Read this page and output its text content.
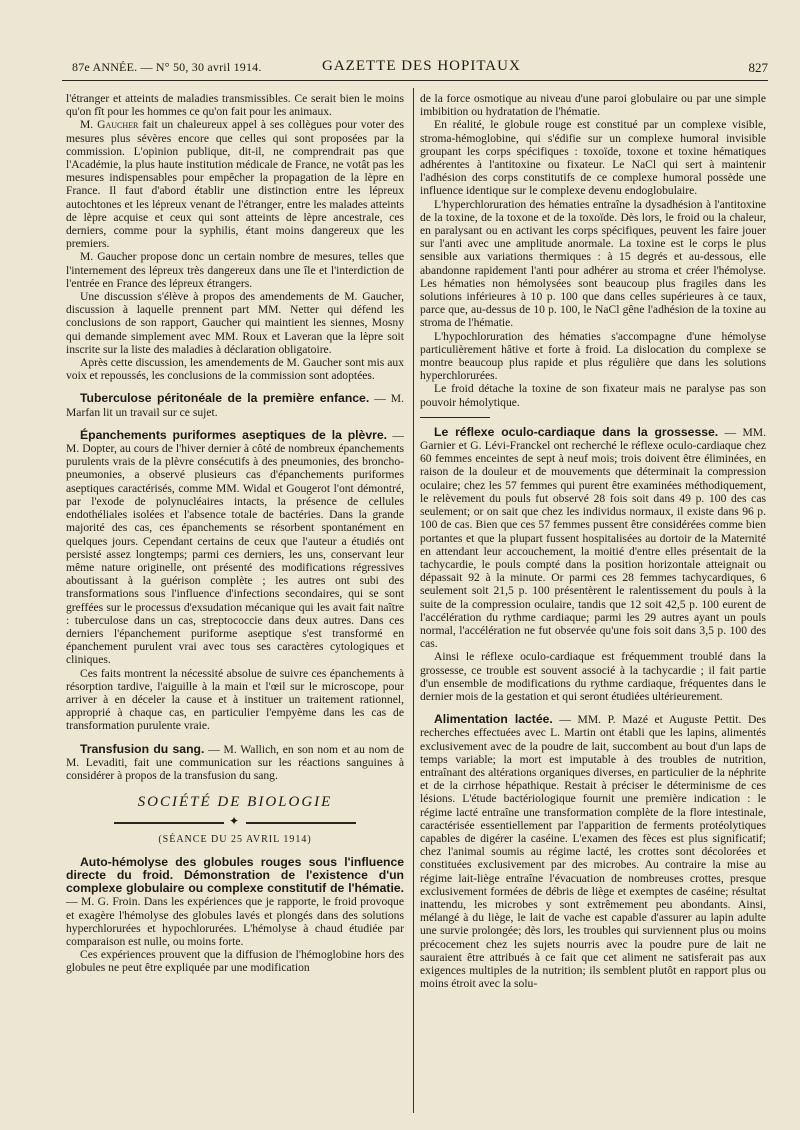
87e ANNÉE. — N° 50, 30 avril 1914.	GAZETTE DES HOPITAUX	827

l'étranger et atteints de maladies transmissibles. Ce serait bien le moins qu'on fît pour les hommes ce qu'on fait pour les animaux.

M. Gaucher fait un chaleureux appel à ses collègues pour voter des mesures plus sévères encore que celles qui sont proposées par la commission. L'opinion publique, dit-il, ne comprendrait pas que l'Académie, la plus haute institution médicale de France, ne votât pas les mesures indispensables pour empêcher la propagation de la lèpre en France. Il faut d'abord établir une distinction entre les lépreux autochtones et les lépreux venant de l'étranger, entre les malades atteints de lèpre acquise et ceux qui sont atteints de lèpre ancestrale, ces derniers, comme pour la syphilis, étant moins dangereux que les premiers.

M. Gaucher propose donc un certain nombre de mesures, telles que l'internement des lépreux très dangereux dans une île et l'interdiction de l'entrée en France des lépreux étrangers.

Une discussion s'élève à propos des amendements de M. Gaucher, discussion à laquelle prennent part MM. Netter qui défend les conclusions de son rapport, Gaucher qui maintient les siennes, Mosny qui demande simplement avec MM. Roux et Laveran que la lèpre soit inscrite sur la liste des maladies à déclaration obligatoire.

Après cette discussion, les amendements de M. Gaucher sont mis aux voix et repoussés, les conclusions de la commission sont adoptées.

Tuberculose péritonéale de la première enfance. — M. Marfan lit un travail sur ce sujet.

Épanchements puriformes aseptiques de la plèvre. — M. Dopter, au cours de l'hiver dernier à côté de nombreux épanchements purulents vrais de la plèvre consécutifs à des pneumonies, des broncho-pneumonies, a observé plusieurs cas d'épanchements puriformes aseptiques caractérisés, comme MM. Widal et Gougerot l'ont démontré, par l'exode de polynucléaires intacts, la présence de cellules endothéliales isolées et l'absence totale de bactéries. Dans la grande majorité des cas, ces épanchements se résorbent spontanément en quelques jours. Cependant certains de ceux que l'auteur a étudiés ont persisté assez longtemps; parmi ces derniers, les uns, conservant leur même nature originelle, ont présenté des modifications régressives aboutissant à la guérison complète ; les autres ont subi des transformations sous l'influence d'infections secondaires, qui se sont greffées sur le processus d'exsudation mécanique qui les avait fait naître : tuberculose dans un cas, streptococcie dans deux autres. Dans ces derniers l'épanchement puriforme aseptique s'est transformé en épanchement purulent vrai avec tous ses caractères cytologiques et cliniques.

Ces faits montrent la nécessité absolue de suivre ces épanchements à résorption tardive, l'aiguille à la main et l'œil sur le microscope, pour arriver à en déceler la cause et à instituer un traitement rationnel, approprié à chaque cas, en particulier l'empyème dans les cas de transformation purulente vraie.

Transfusion du sang. — M. Wallich, en son nom et au nom de M. Levaditi, fait une communication sur les réactions sanguines à considérer à propos de la transfusion du sang.

SOCIÉTÉ DE BIOLOGIE
✦
(SÉANCE DU 25 AVRIL 1914)

Auto-hémolyse des globules rouges sous l'influence directe du froid. Démonstration de l'existence d'un complexe globulaire ou complexe constitutif de l'hématie. — M. G. Froin. Dans les expériences que je rapporte, le froid provoque et exagère l'hémolyse des globules lavés et plongés dans des solutions hyperchlorurées et hypochlorurées. L'hémolyse à chaud étudiée par comparaison est nulle, ou moins forte.

Ces expériences prouvent que la diffusion de l'hémoglobine hors des globules ne peut être expliquée par une modification

de la force osmotique au niveau d'une paroi globulaire ou par une simple imbibition ou hydratation de l'hématie.

En réalité, le globule rouge est constitué par un complexe visible, stroma-hémoglobine, qui s'édifie sur un complexe humoral invisible groupant les corps spécifiques : toxoïde, toxone et toxine hématiques adhérentes à l'antitoxine ou fixateur. Le NaCl qui sert à maintenir l'adhésion des corps constitutifs de ce complexe humoral possède une influence identique sur le complexe devenu endoglobulaire.

L'hyperchloruration des hématies entraîne la dysadhésion à l'antitoxine de la toxine, de la toxone et de la toxoïde. Dès lors, le froid ou la chaleur, en paralysant ou en activant les corps spécifiques, peuvent les faire jouer sur l'anti avec une amplitude anormale. La toxine est le corps le plus sensible aux variations thermiques : à 15 degrés et au-dessous, elle abandonne rapidement l'anti pour adhérer au stroma et créer l'hémolyse. Les hématies non hémolysées sont beaucoup plus fragiles dans les solutions inférieures à 10 p. 100 que dans celles supérieures à ce taux, parce que, au-dessus de 10 p. 100, le NaCl gêne l'adhésion de la toxine au stroma de l'hématie.

L'hypochloruration des hématies s'accompagne d'une hémolyse particulièrement hâtive et forte à froid. La dislocation du complexe se montre beaucoup plus rapide et plus régulière que dans les solutions hyperchlorurées.

Le froid détache la toxine de son fixateur mais ne paralyse pas son pouvoir hémolytique.

Le réflexe oculo-cardiaque dans la grossesse. — MM. Garnier et G. Lévi-Franckel ont recherché le réflexe oculo-cardiaque chez 60 femmes enceintes de sept à neuf mois; trois doivent être éliminées, en raison de la douleur et de mouvements que déterminait la compression oculaire; chez les 57 femmes qui purent être examinées méthodiquement, le relèvement du pouls fut observé 28 fois soit dans 49 p. 100 des cas seulement; or on sait que chez les individus normaux, il existe dans 96 p. 100 de cas. Bien que ces 57 femmes pussent être considérées comme bien portantes et que la plupart fussent hospitalisées au dortoir de la Maternité en attendant leur accouchement, la moitié d'entre elles présentait de la tachycardie, le pouls compté dans la position horizontale atteignait ou dépassait 92 à la minute. Or parmi ces 28 femmes tachycardiques, 6 seulement soit 21,5 p. 100 présentèrent le ralentissement du pouls à la suite de la compression oculaire, tandis que 12 soit 42,5 p. 100 eurent de l'accélération du rythme cardiaque; parmi les 29 autres ayant un pouls normal, l'accélération ne fut observée qu'une fois soit dans 3,5 p. 100 des cas.

Ainsi le réflexe oculo-cardiaque est fréquemment troublé dans la grossesse, ce trouble est souvent associé à la tachycardie ; il fait partie d'un ensemble de modifications du rythme cardiaque, fréquentes dans le dernier mois de la gestation et qui seront étudiées ultérieurement.

Alimentation lactée. — MM. P. Mazé et Auguste Pettit. Des recherches effectuées avec L. Martin ont établi que les lapins, alimentés exclusivement avec de la poudre de lait, succombent au bout d'un laps de temps variable; la mort est imputable à des troubles de nutrition, entraînant des altérations organiques diverses, en particulier de la néphrite et de la cirrhose hépathique. Restait à préciser le déterminisme de ces lésions. L'étude bactériologique fournit une première indication : le régime lacté entraîne une transformation complète de la flore intestinale, caractérisée essentiellement par l'apparition de ferments protéolytiques capables de digérer la caséine. L'examen des fèces est plus significatif; chez l'animal soumis au régime lacté, les crottes sont décolorées et constituées exclusivement par des microbes. Au contraire la mise au régime lait-liège entraîne l'évacuation de nombreuses crottes, presque exclusivement formées de débris de liège et exemptes de caséine; résultat inattendu, les microbes y sont extrêmement peu abondants. Ainsi, mélangé à du liège, le lait de vache est capable d'assurer au lapin adulte une survie prolongée; dès lors, les troubles qui surviennent plus ou moins précocement chez les sujets nourris avec la poudre pure de lait ne sauraient être attribués à ce fait que cet aliment ne satisferait pas aux exigences multiples de la nutrition; ils semblent plutôt en rapport plus ou moins étroit avec la solu-
